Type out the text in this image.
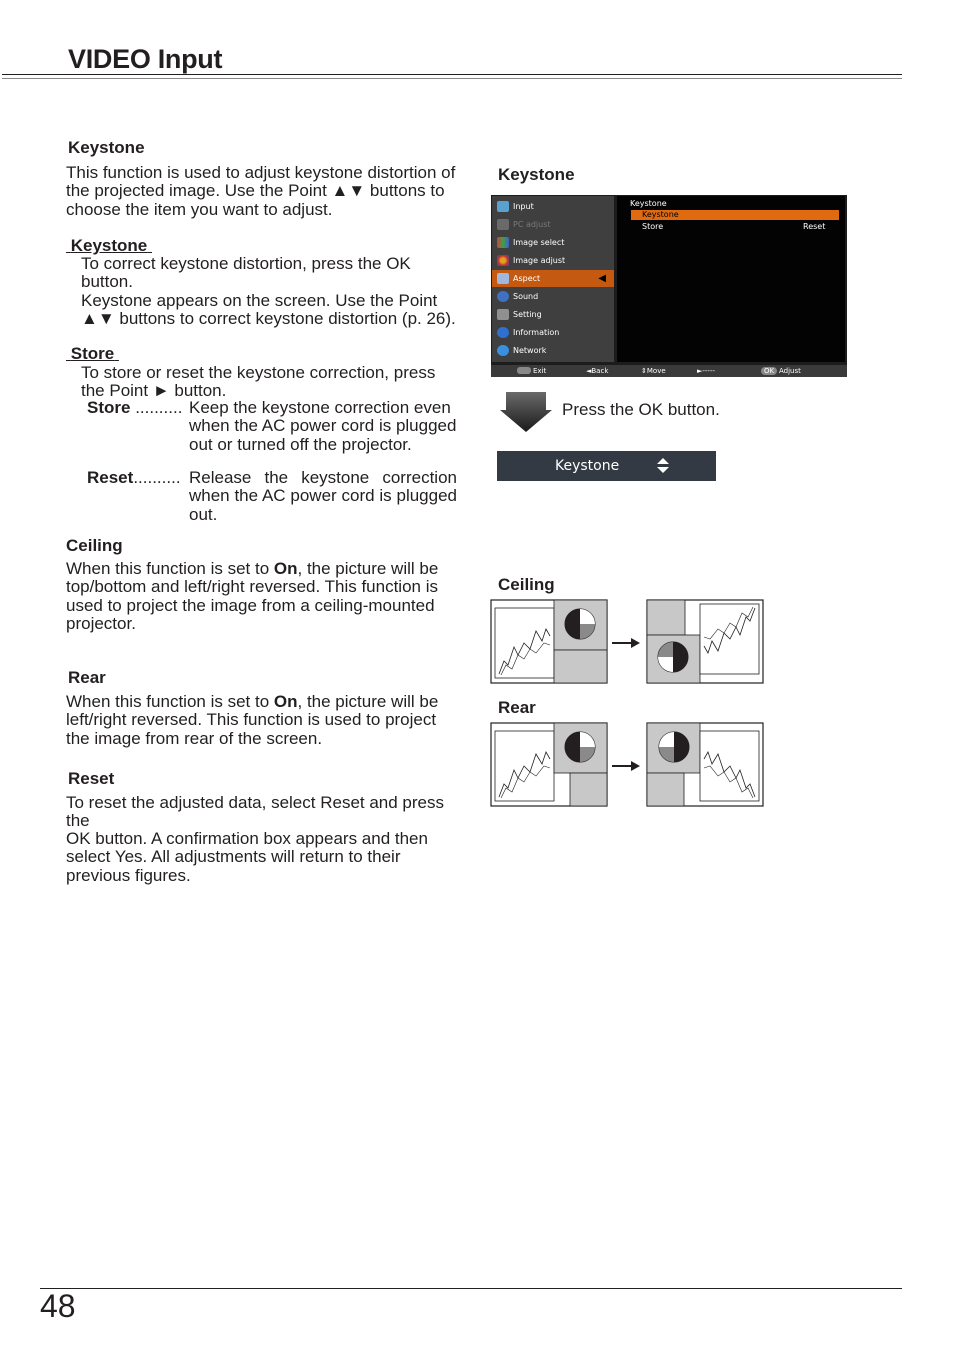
VIDEO Input
Keystone
This function is used to adjust keystone distortion of the projected image. Use the Point ▲▼ buttons to choose the item you want to adjust.
Keystone
To correct keystone distortion, press the OK button.
Keystone appears on the screen. Use the Point ▲▼ buttons to correct keystone distortion (p. 26).
Store
To store or reset the keystone correction, press the Point ► button.
Store .......... Keep the keystone correction even when the AC power cord is plugged out or turned off the projector.
Reset.......... Release the keystone correction when the AC power cord is plugged out.
Ceiling
When this function is set to On, the picture will be top/bottom and left/right reversed. This function is used to project the image from a ceiling-mounted projector.
Rear
When this function is set to On, the picture will be left/right reversed. This function is used to project the image from rear of the screen.
Reset
To reset the adjusted data, select Reset and press the
OK button. A confirmation box appears and then select Yes. All adjustments will return to their previous figures.
Keystone
Input
PC adjust
Image select
Image adjust
Aspect	◀
Sound
Setting
Information
Network
Keystone
Keystone
Store	Reset
Exit	◄Back	⇕Move	►-----	OK Adjust
Press the OK button.
Keystone
Ceiling
Rear
48
